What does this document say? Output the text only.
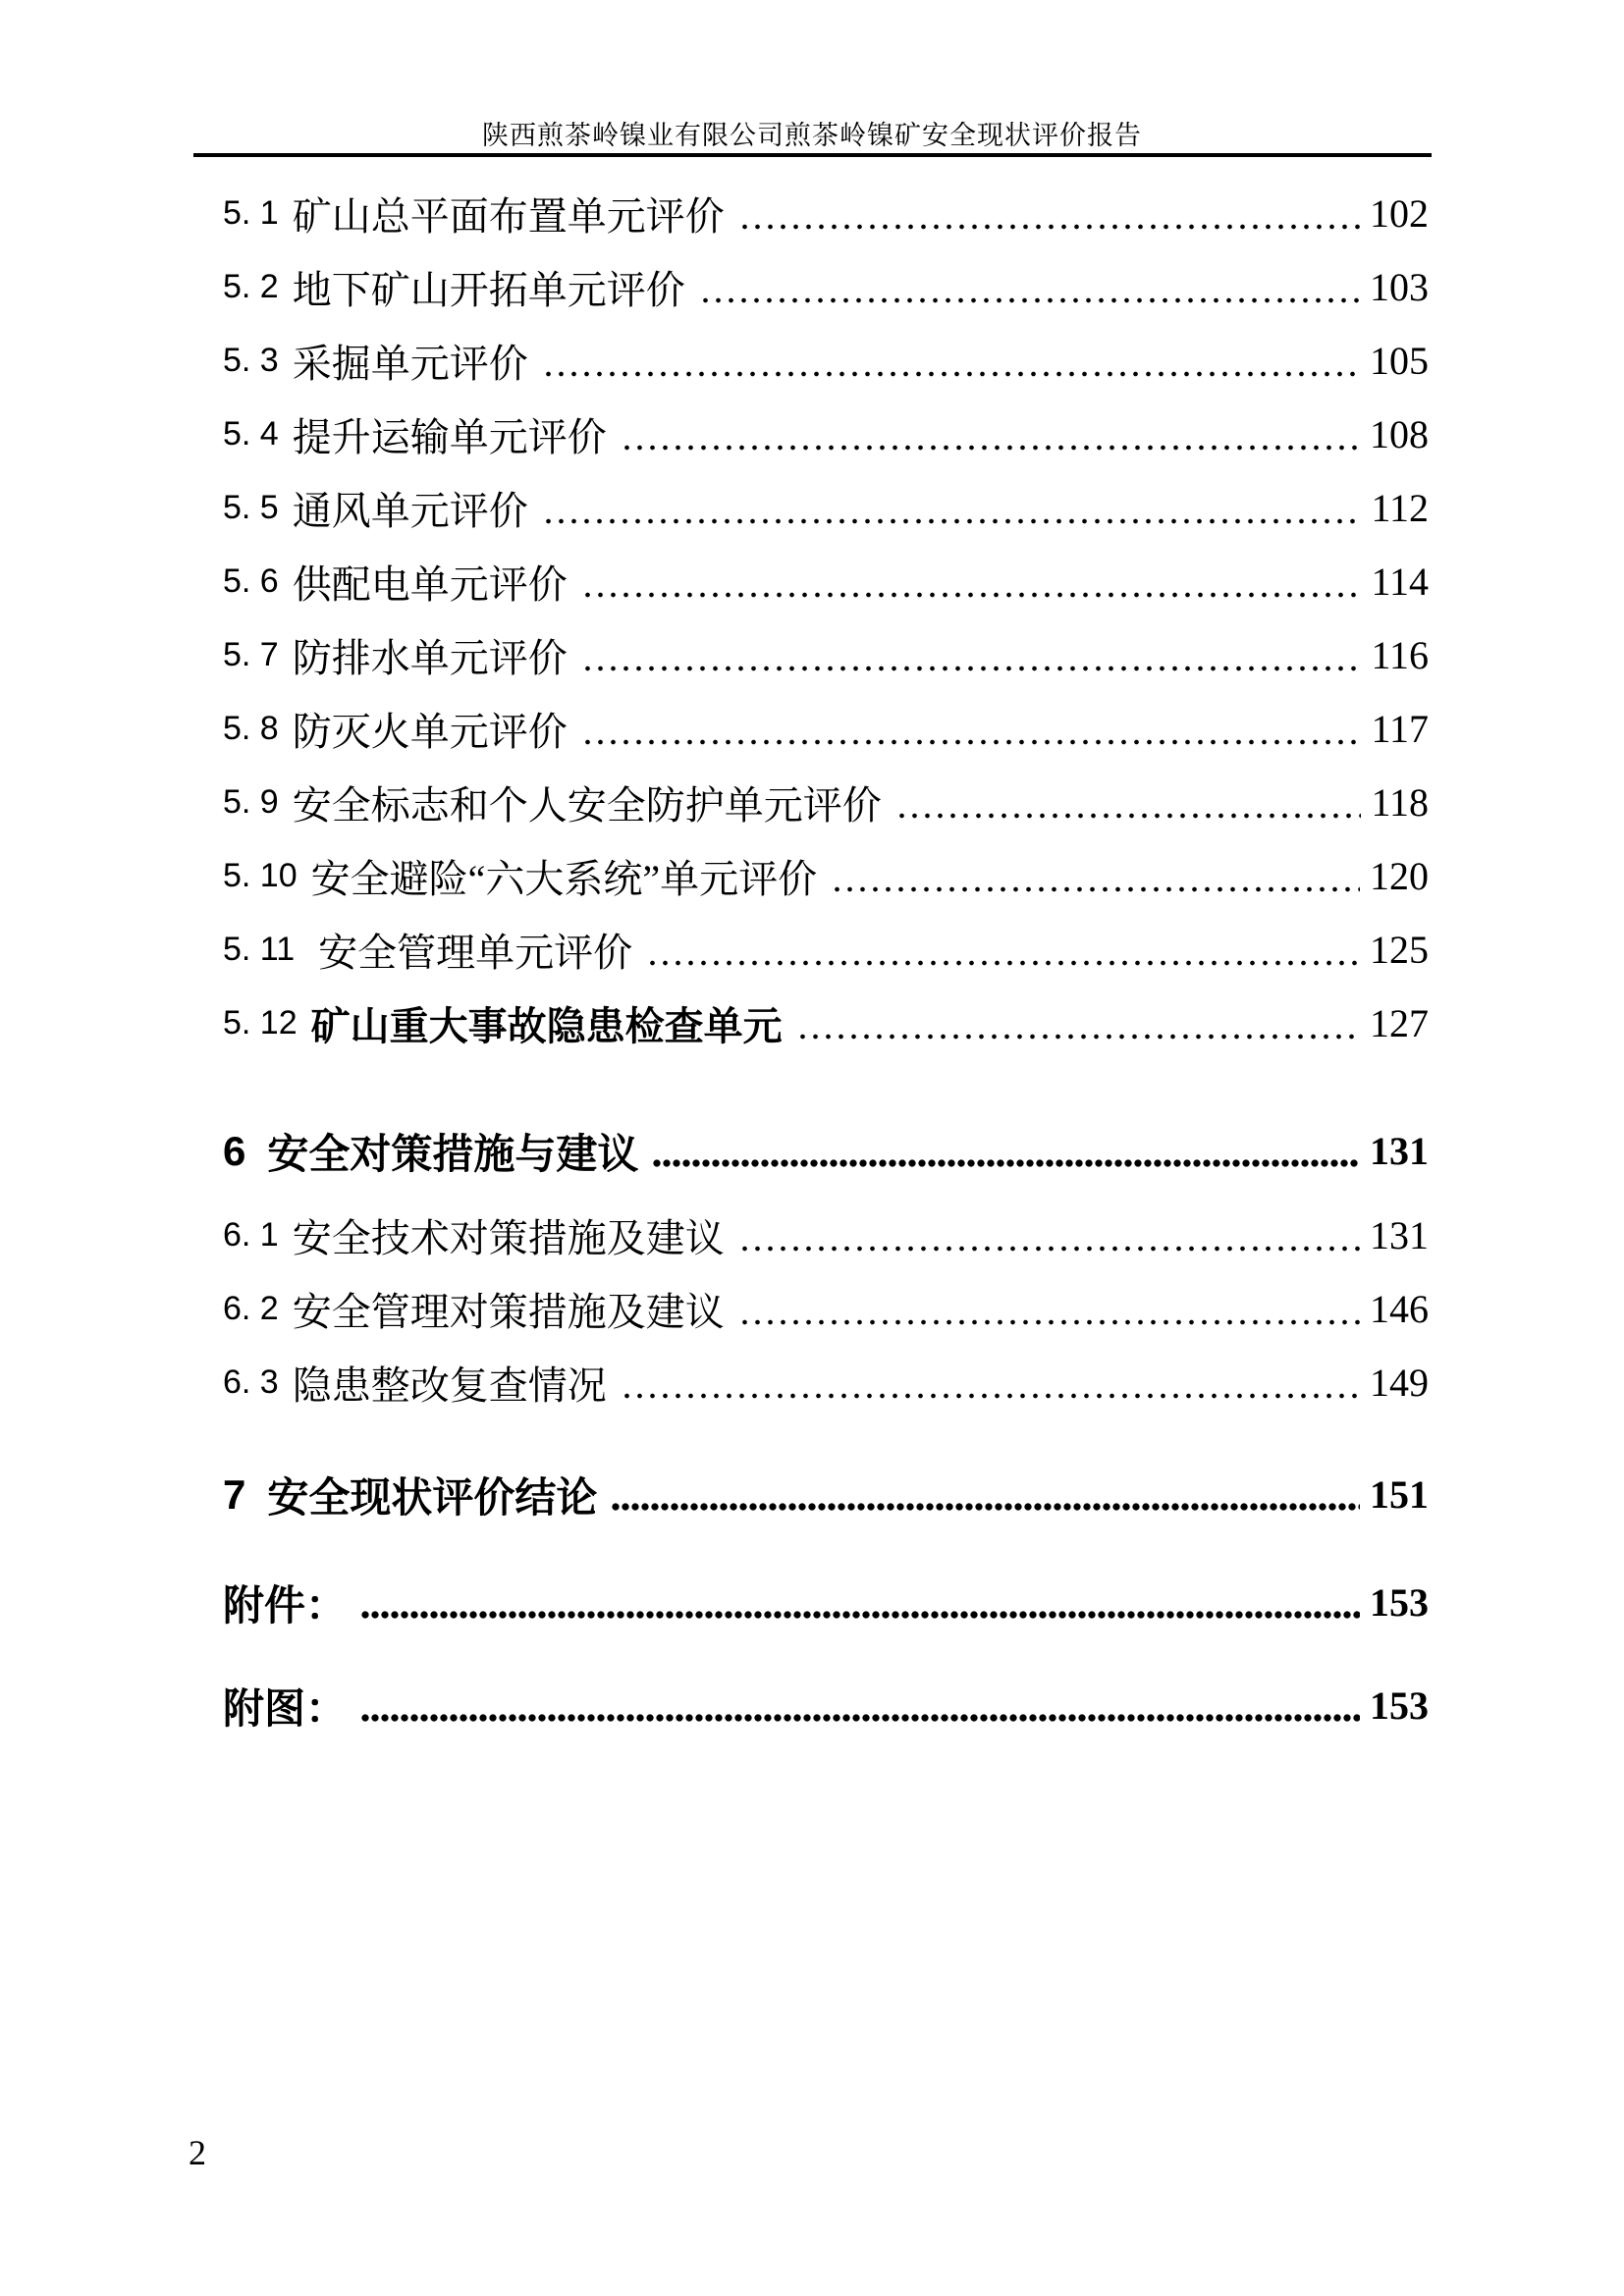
陕西煎茶岭镍业有限公司煎茶岭镍矿安全现状评价报告
5. 1 矿山总平面布置单元评价	102
5. 2 地下矿山开拓单元评价	103
5. 3 采掘单元评价	105
5. 4 提升运输单元评价	108
5. 5 通风单元评价	112
5. 6 供配电单元评价	114
5. 7 防排水单元评价	116
5. 8 防灭火单元评价	117
5. 9 安全标志和个人安全防护单元评价	118
5. 10 安全避险“六大系统”单元评价	120
5. 11 安全管理单元评价	125
5. 12 矿山重大事故隐患检查单元	127
6 安全对策措施与建议	131
6. 1 安全技术对策措施及建议	131
6. 2 安全管理对策措施及建议	146
6. 3 隐患整改复查情况	149
7 安全现状评价结论	151
附件：	153
附图：	153
2
